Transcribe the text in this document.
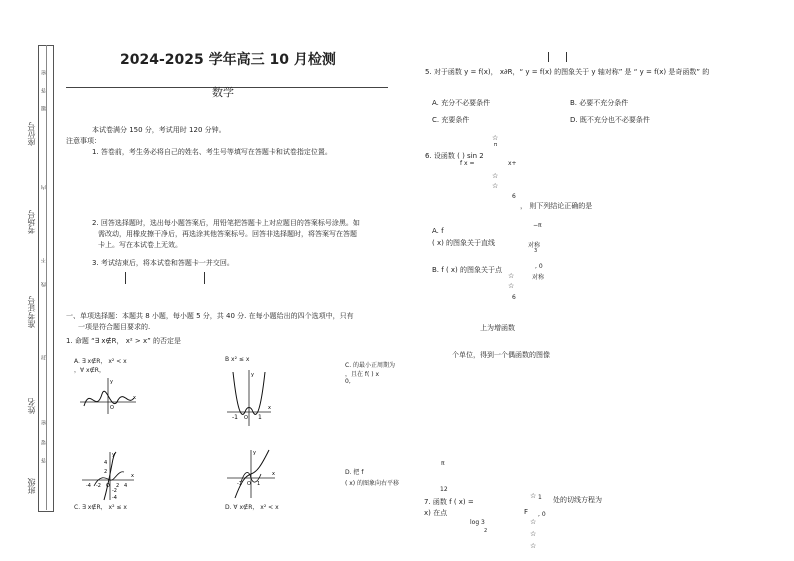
密
答
题
内
不
线
封
密
要
答
座位号
考场号
准考证号
姓名
班级
2024-2025 学年高三 10 月检测
数学
本试卷满分 150 分，考试用时 120 分钟。
注意事项：
1. 答卷前，考生务必将自己的姓名、考生号等填写在答题卡和试卷指定位置。
2. 回答选择题时，选出每小题答案后，用铅笔把答题卡上对应题目的答案标号涂黑。如
需改动，用橡皮擦干净后，再选涂其他答案标号。回答非选择题时，将答案写在答题
卡上。写在本试卷上无效。
3. 考试结束后，将本试卷和答题卡一并交回。
一、单项选择题：本题共 8 小题，每小题 5 分，共 40 分. 在每小题给出的四个选项中，只有
一项是符合题目要求的.
1. 命题 “∃ x∉R， x² > x” 的否定是
A. ∃ x∉R， x² < x
，∀ x∉R，
B x² ≤ x
C. 的最小正周期为
，且在 f( ) x
0,
C. ∃ x∉R， x² ≤ x	D. ∀ x∉R， x² < x
D. 把 f
( x) 的图象向右平移
x
y
O	x
y
-1 O 1
x
y
4
2
-4 -2 O 2 4
-2
-4
x
y
-1 O 1
5. 对于函数 y = f(x)， x∂R，“ y = f(x) 的图象关于 y 轴对称” 是 “ y = f(x) 是奇函数” 的
A. 充分不必要条件	B. 必要不充分条件
C. 充要条件	D. 既不充分也不必要条件
☆
π
6. 设函数 ( ) sin 2
f x =	x+
☆
☆
6
， 则下列结论正确的是
A. f
( x) 的图象关于直线
−π
对称
3
B. f ( x) 的图象关于点	, 0
对称
☆
☆
6
上为增函数
个单位，得到一个偶函数的图像
π
12
7. 函数 f ( x) =
1
☆ 处的切线方程为
x) 在点	F , 0
log 3
2
☆
☆
☆
